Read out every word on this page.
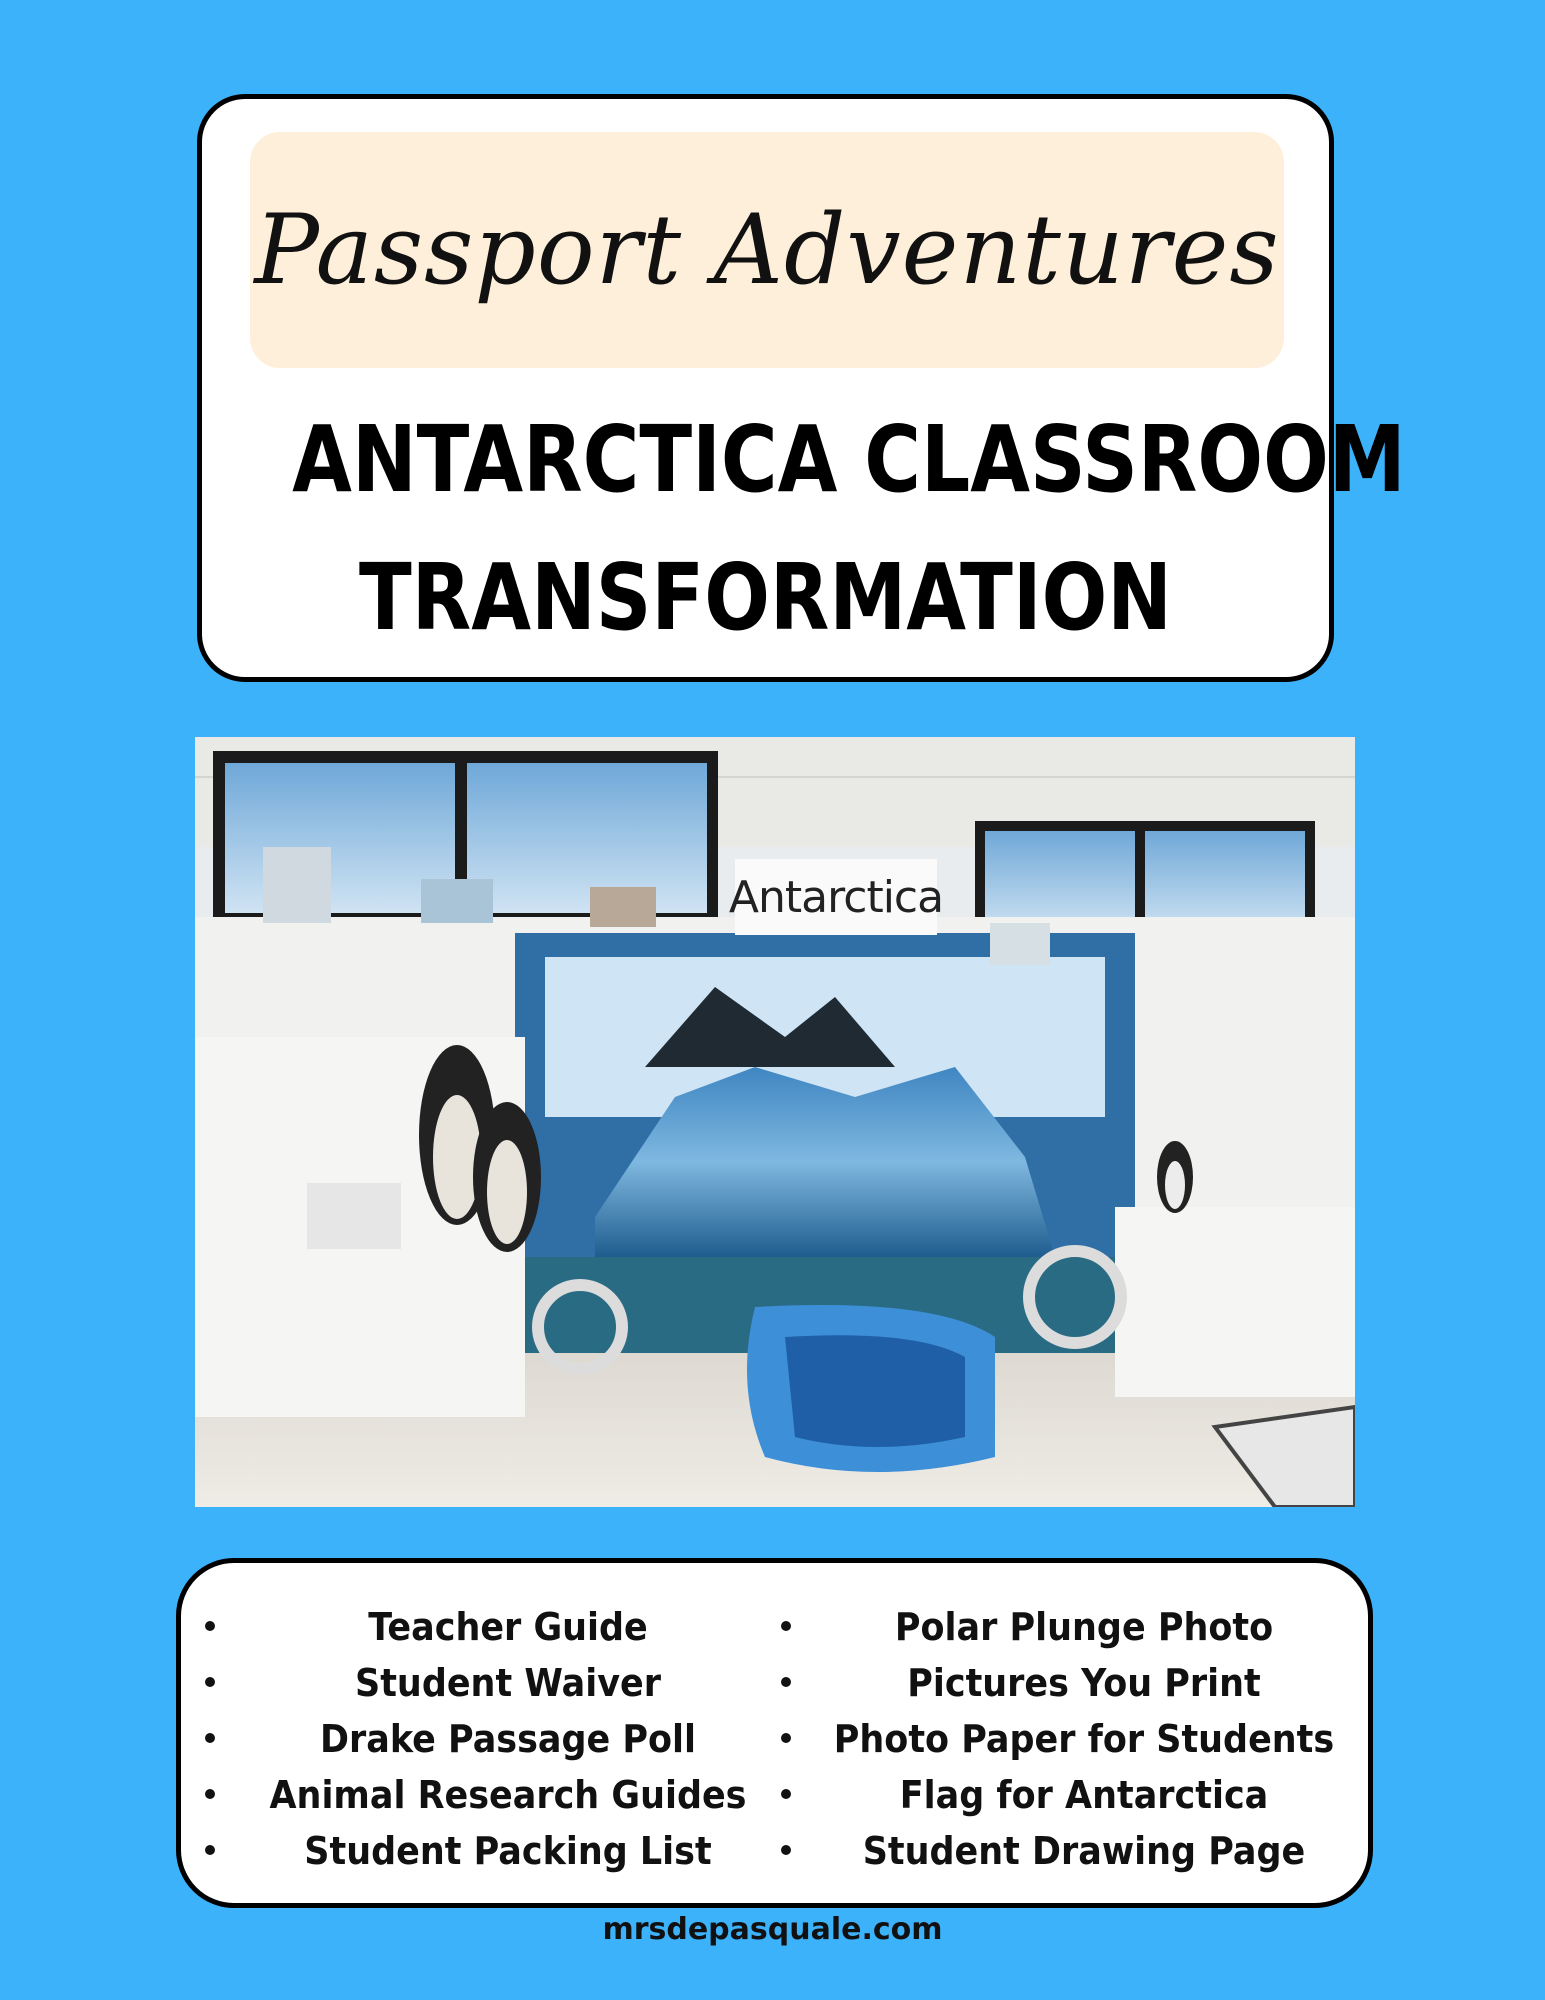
Passport Adventures
ANTARCTICA CLASSROOM
TRANSFORMATION
Antarctica
Teacher Guide
Student Waiver
Drake Passage Poll
Animal Research Guides
Student Packing List
Polar Plunge Photo
Pictures You Print
Photo Paper for Students
Flag for Antarctica
Student Drawing Page
mrsdepasquale.com
